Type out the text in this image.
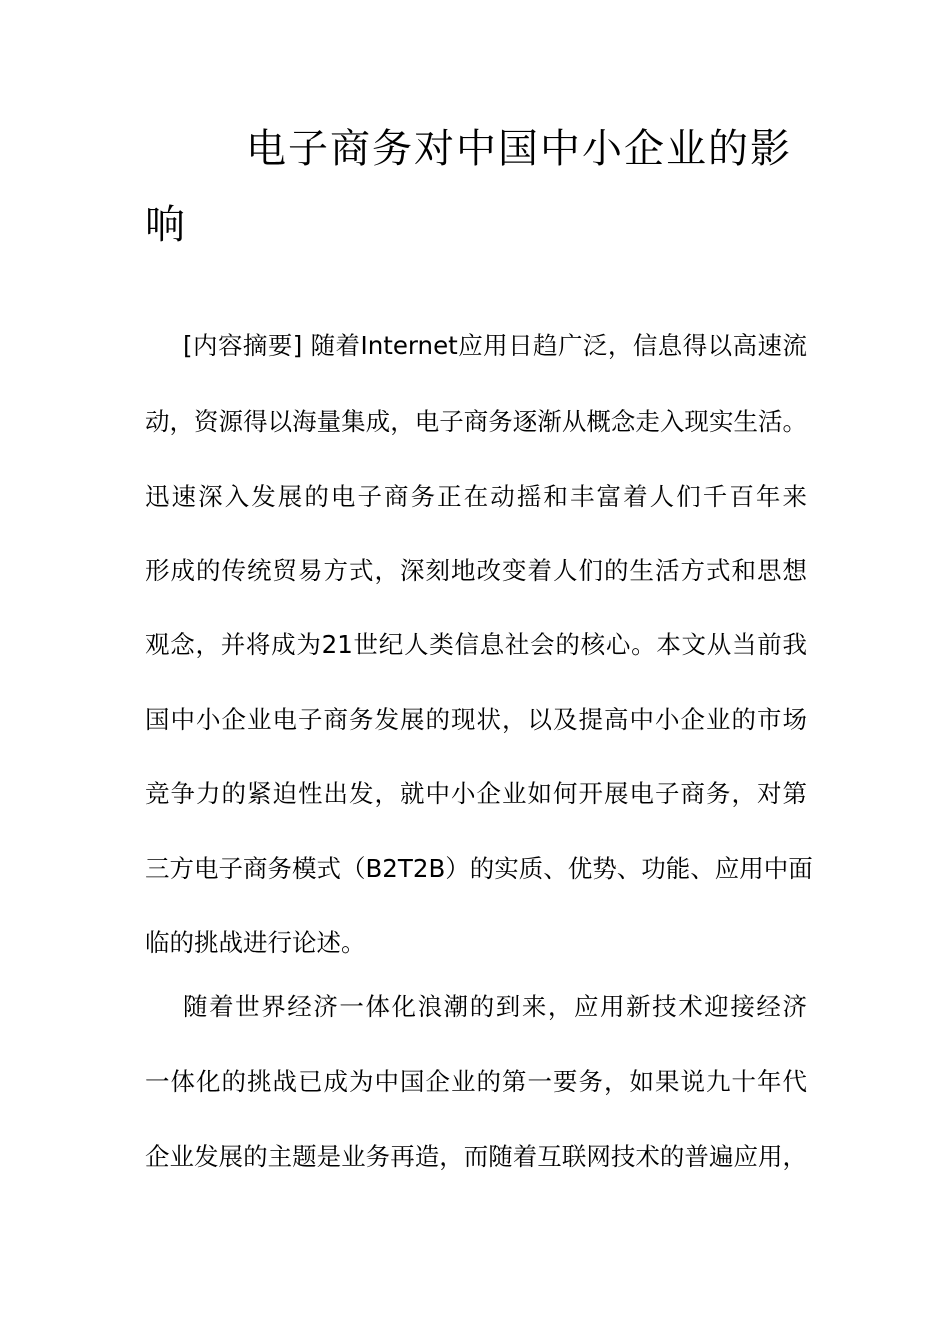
电子商务对中国中小企业的影
响
[内容摘要] 随着Internet应用日趋广泛，信息得以高速流
动，资源得以海量集成，电子商务逐渐从概念走入现实生活。
迅速深入发展的电子商务正在动摇和丰富着人们千百年来
形成的传统贸易方式，深刻地改变着人们的生活方式和思想
观念，并将成为21世纪人类信息社会的核心。本文从当前我
国中小企业电子商务发展的现状，以及提高中小企业的市场
竞争力的紧迫性出发，就中小企业如何开展电子商务，对第
三方电子商务模式（B2T2B）的实质、优势、功能、应用中面
临的挑战进行论述。
随着世界经济一体化浪潮的到来，应用新技术迎接经济
一体化的挑战已成为中国企业的第一要务，如果说九十年代
企业发展的主题是业务再造，而随着互联网技术的普遍应用，
